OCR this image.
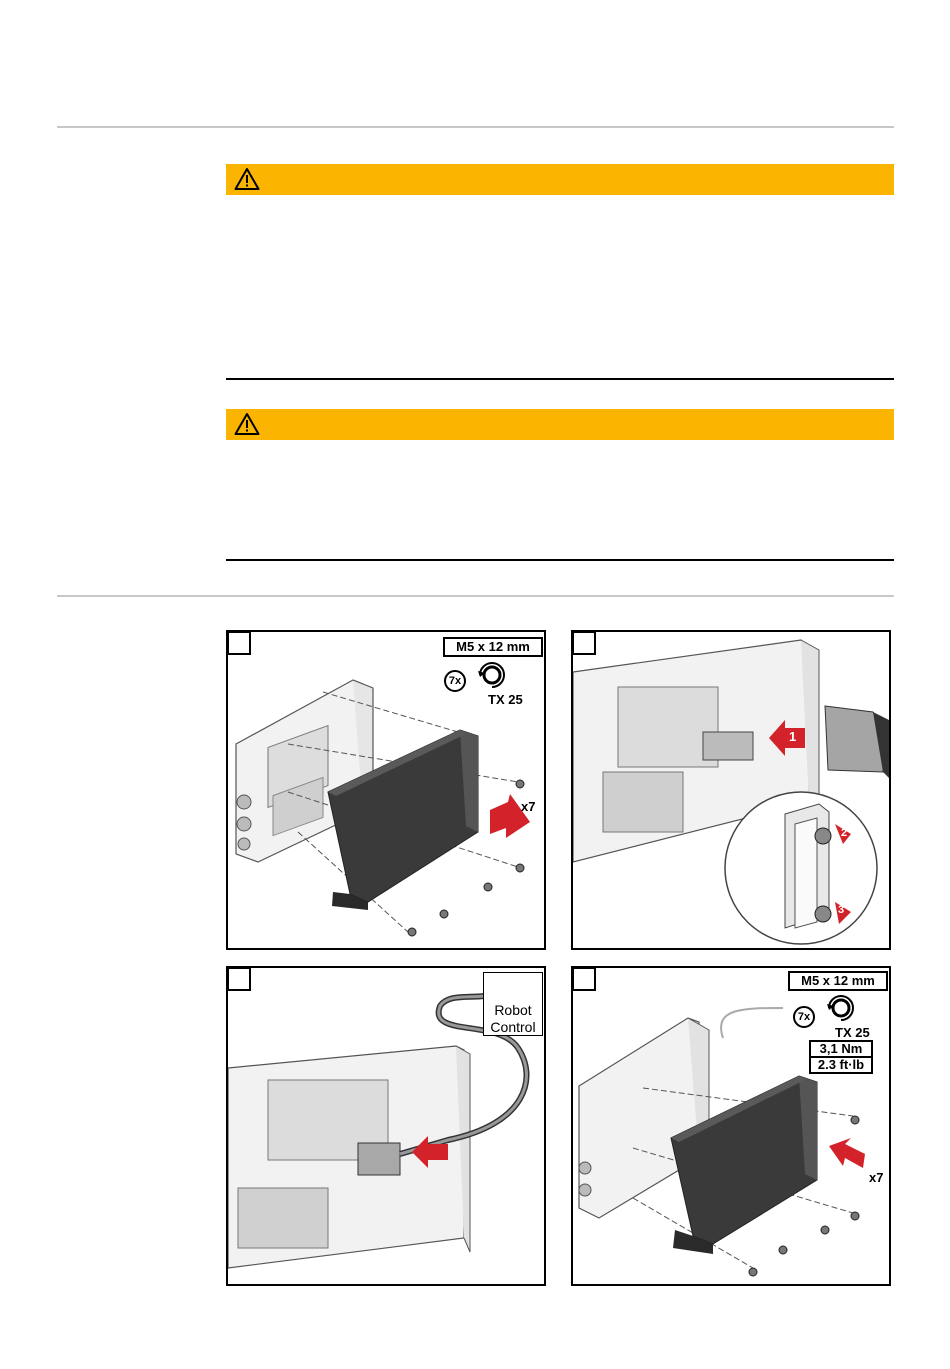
M5 x 12 mm
7x
TX 25
x7
1
2
3

Robot
Control

M5 x 12 mm
7x
TX 25
3,1 Nm
2.3 ft·lb
x7
